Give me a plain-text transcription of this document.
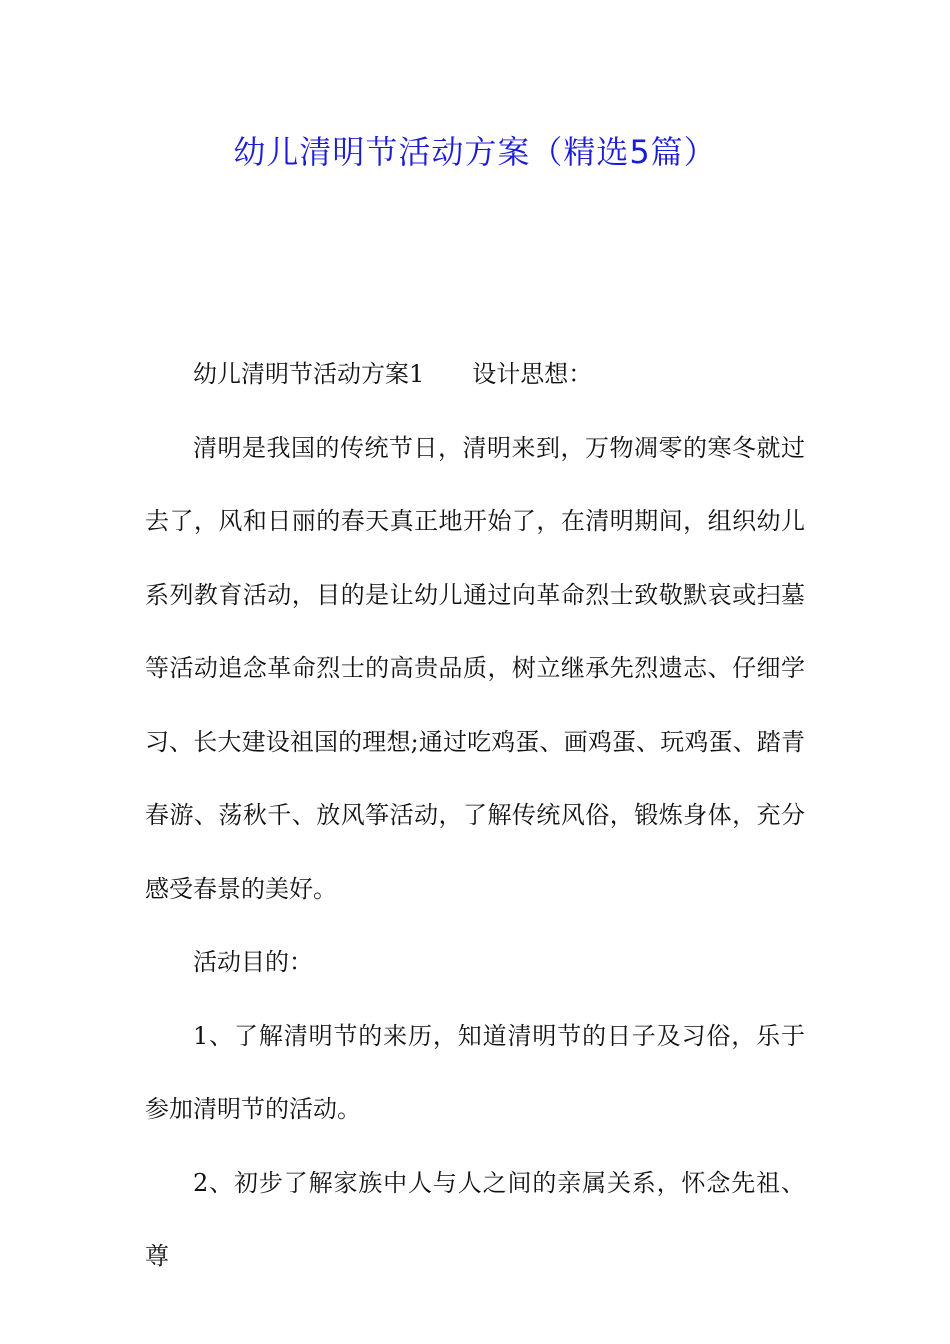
幼儿清明节活动方案（精选5篇）

幼儿清明节活动方案1 设计思想：

清明是我国的传统节日，清明来到，万物凋零的寒冬就过去了，风和日丽的春天真正地开始了，在清明期间，组织幼儿系列教育活动，目的是让幼儿通过向革命烈士致敬默哀或扫墓等活动追念革命烈士的高贵品质，树立继承先烈遗志、仔细学习、长大建设祖国的理想;通过吃鸡蛋、画鸡蛋、玩鸡蛋、踏青春游、荡秋千、放风筝活动，了解传统风俗，锻炼身体，充分感受春景的美好。

活动目的：

1、了解清明节的来历，知道清明节的日子及习俗，乐于参加清明节的活动。

2、初步了解家族中人与人之间的亲属关系，怀念先祖、尊
